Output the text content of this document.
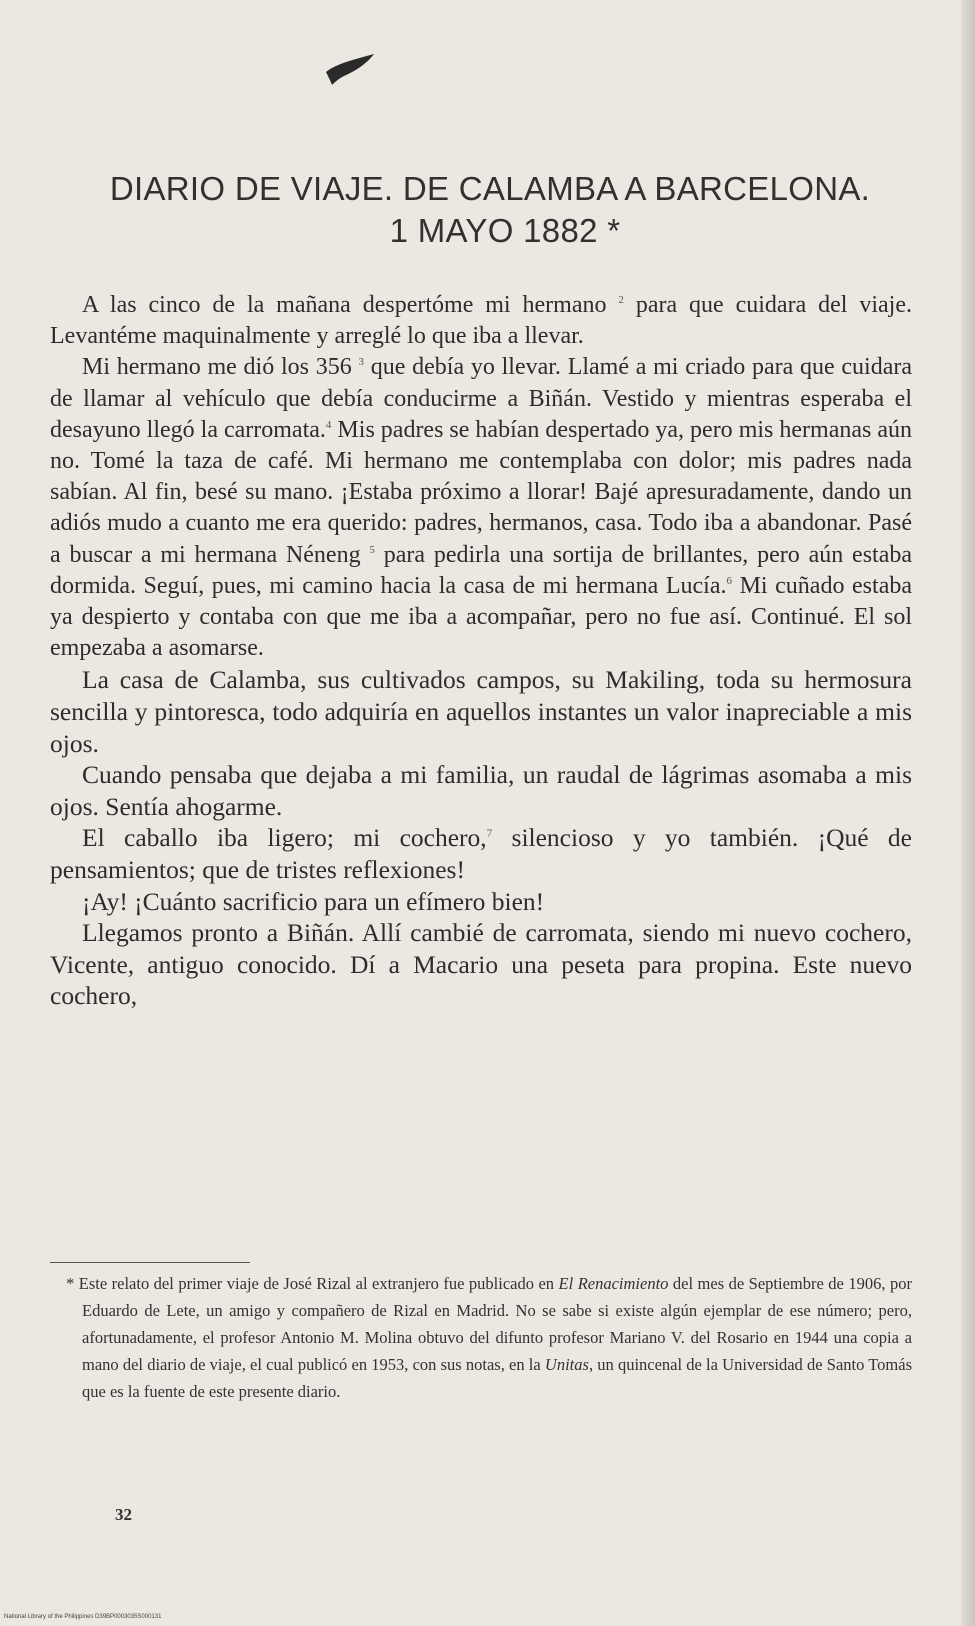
DIARIO DE VIAJE. DE CALAMBA A BARCELONA.
1 MAYO 1882 *

A las cinco de la mañana despertóme mi hermano $^2$ para que cuidara del viaje. Levantéme maquinalmente y arreglé lo que iba a llevar.

Mi hermano me dió los 356 $^3$ que debía yo llevar. Llamé a mi criado para que cuidara de llamar al vehículo que debía conducirme a Biñán. Vestido y mientras esperaba el desayuno llegó la carromata.$^4$ Mis padres se habían despertado ya, pero mis hermanas aún no. Tomé la taza de café. Mi hermano me contemplaba con dolor; mis padres nada sabían. Al fin, besé su mano. ¡Estaba próximo a llorar! Bajé apresuradamente, dando un adiós mudo a cuanto me era querido: padres, hermanos, casa. Todo iba a abandonar. Pasé a buscar a mi hermana Néneng $^5$ para pedirla una sortija de brillantes, pero aún estaba dormida. Seguí, pues, mi camino hacia la casa de mi hermana Lucía.$^6$ Mi cuñado estaba ya despierto y contaba con que me iba a acompañar, pero no fue así. Continué. El sol empezaba a asomarse.

La casa de Calamba, sus cultivados campos, su Makiling, toda su hermosura sencilla y pintoresca, todo adquiría en aquellos instantes un valor inapreciable a mis ojos.

Cuando pensaba que dejaba a mi familia, un raudal de lágrimas asomaba a mis ojos. Sentía ahogarme.

El caballo iba ligero; mi cochero,$^7$ silencioso y yo también. ¡Qué de pensamientos; que de tristes reflexiones!

¡Ay! ¡Cuánto sacrificio para un efímero bien!

Llegamos pronto a Biñán. Allí cambié de carromata, siendo mi nuevo cochero, Vicente, antiguo conocido. Dí a Macario una peseta para propina. Este nuevo cochero,

* Este relato del primer viaje de José Rizal al extranjero fue publicado en El Renacimiento del mes de Septiembre de 1906, por Eduardo de Lete, un amigo y compañero de Rizal en Madrid. No se sabe si existe algún ejemplar de ese número; pero, afortunadamente, el profesor Antonio M. Molina obtuvo del difunto profesor Mariano V. del Rosario en 1944 una copia a mano del diario de viaje, el cual publicó en 1953, con sus notas, en la Unitas, un quincenal de la Universidad de Santo Tomás que es la fuente de este presente diario.

32
National Library of the Philippines D39BP0003035S000131
